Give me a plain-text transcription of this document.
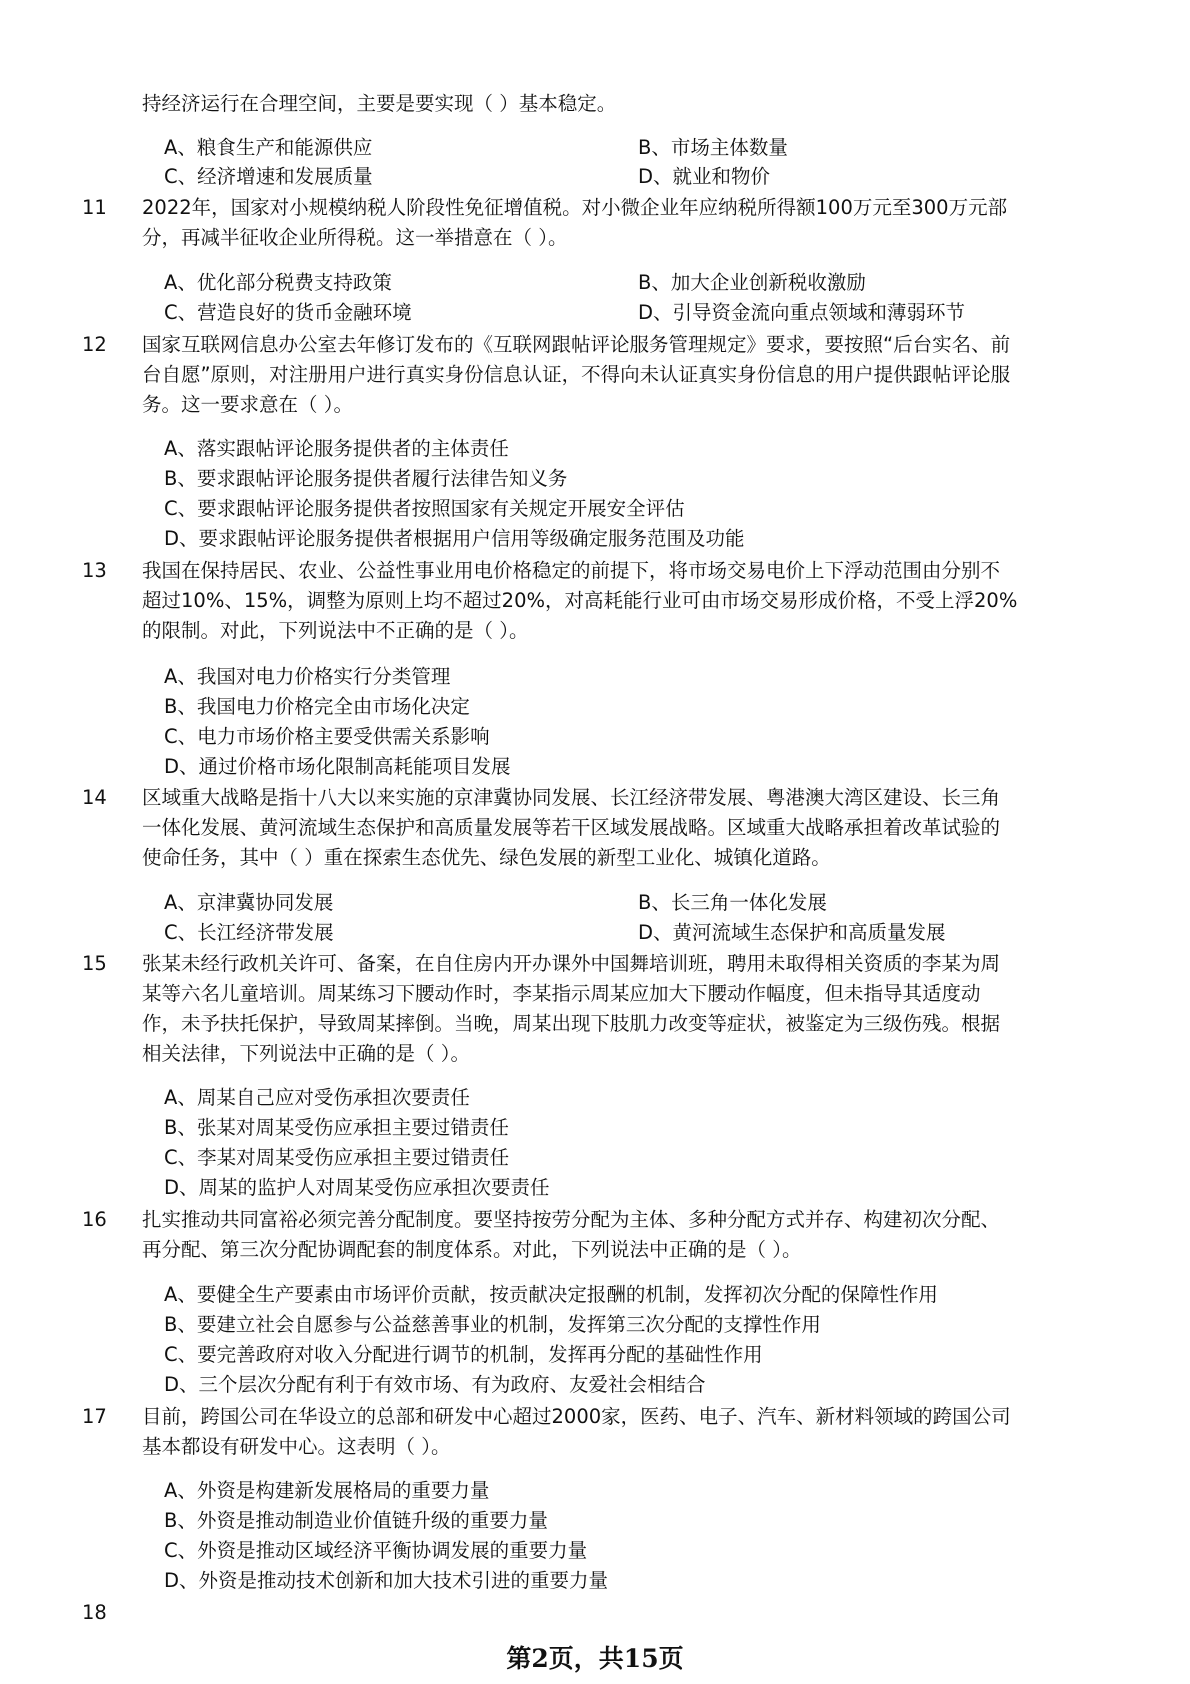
持经济运行在合理空间，主要是要实现（ ）基本稳定。
A、粮食生产和能源供应	B、市场主体数量
C、经济增速和发展质量	D、就业和物价
11 2022年，国家对小规模纳税人阶段性免征增值税。对小微企业年应纳税所得额100万元至300万元部
分，再减半征收企业所得税。这一举措意在（ ）。
A、优化部分税费支持政策	B、加大企业创新税收激励
C、营造良好的货币金融环境	D、引导资金流向重点领域和薄弱环节
12 国家互联网信息办公室去年修订发布的《互联网跟帖评论服务管理规定》要求，要按照“后台实名、前
台自愿”原则，对注册用户进行真实身份信息认证，不得向未认证真实身份信息的用户提供跟帖评论服
务。这一要求意在（ ）。
A、落实跟帖评论服务提供者的主体责任
B、要求跟帖评论服务提供者履行法律告知义务
C、要求跟帖评论服务提供者按照国家有关规定开展安全评估
D、要求跟帖评论服务提供者根据用户信用等级确定服务范围及功能
13 我国在保持居民、农业、公益性事业用电价格稳定的前提下，将市场交易电价上下浮动范围由分别不
超过10%、15%，调整为原则上均不超过20%，对高耗能行业可由市场交易形成价格，不受上浮20%
的限制。对此，下列说法中不正确的是（ ）。
A、我国对电力价格实行分类管理
B、我国电力价格完全由市场化决定
C、电力市场价格主要受供需关系影响
D、通过价格市场化限制高耗能项目发展
14 区域重大战略是指十八大以来实施的京津冀协同发展、长江经济带发展、粤港澳大湾区建设、长三角
一体化发展、黄河流域生态保护和高质量发展等若干区域发展战略。区域重大战略承担着改革试验的
使命任务，其中（ ）重在探索生态优先、绿色发展的新型工业化、城镇化道路。
A、京津冀协同发展	B、长三角一体化发展
C、长江经济带发展	D、黄河流域生态保护和高质量发展
15 张某未经行政机关许可、备案，在自住房内开办课外中国舞培训班，聘用未取得相关资质的李某为周
某等六名儿童培训。周某练习下腰动作时，李某指示周某应加大下腰动作幅度，但未指导其适度动
作，未予扶托保护，导致周某摔倒。当晚，周某出现下肢肌力改变等症状，被鉴定为三级伤残。根据
相关法律，下列说法中正确的是（ ）。
A、周某自己应对受伤承担次要责任
B、张某对周某受伤应承担主要过错责任
C、李某对周某受伤应承担主要过错责任
D、周某的监护人对周某受伤应承担次要责任
16 扎实推动共同富裕必须完善分配制度。要坚持按劳分配为主体、多种分配方式并存、构建初次分配、
再分配、第三次分配协调配套的制度体系。对此，下列说法中正确的是（ ）。
A、要健全生产要素由市场评价贡献，按贡献决定报酬的机制，发挥初次分配的保障性作用
B、要建立社会自愿参与公益慈善事业的机制，发挥第三次分配的支撑性作用
C、要完善政府对收入分配进行调节的机制，发挥再分配的基础性作用
D、三个层次分配有利于有效市场、有为政府、友爱社会相结合
17 目前，跨国公司在华设立的总部和研发中心超过2000家，医药、电子、汽车、新材料领域的跨国公司
基本都设有研发中心。这表明（ ）。
A、外资是构建新发展格局的重要力量
B、外资是推动制造业价值链升级的重要力量
C、外资是推动区域经济平衡协调发展的重要力量
D、外资是推动技术创新和加大技术引进的重要力量
18
第2页，共15页
